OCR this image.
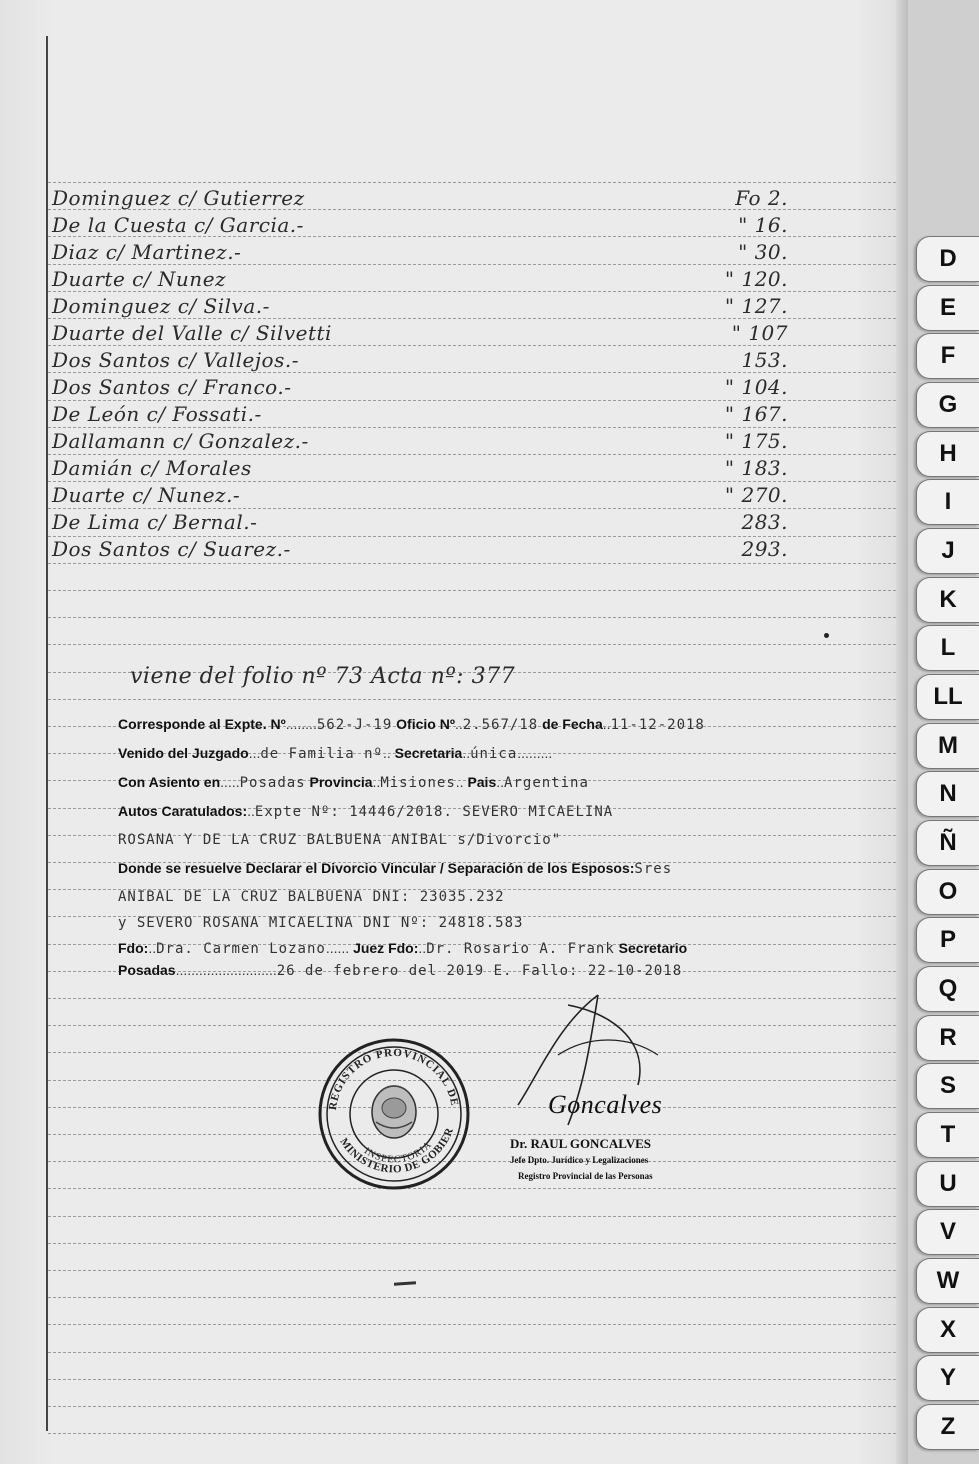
Dominguez c/ Gutierrez	Fo 2.
De la Cuesta c/ Garcia.-	" 16.
Diaz c/ Martinez.-	" 30.
Duarte c/ Nunez	" 120.
Dominguez c/ Silva.-	" 127.
Duarte del Valle c/ Silvetti	" 107
Dos Santos c/ Vallejos.-	153.
Dos Santos c/ Franco.-	" 104.
De León c/ Fossati.-	" 167.
Dallamann c/ Gonzalez.-	" 175.
Damián c/ Morales	" 183.
Duarte c/ Nunez.-	" 270.
De Lima c/ Bernal.-	283.
Dos Santos c/ Suarez.-	293.
viene del folio nº 73 Acta nº: 377
Corresponde al Expte. Nº........562-J-19 Oficio Nº..2.567/18 de Fecha..11-12-2018
Venido del Juzgado...de Familia nº.. Secretaria..única.........
Con Asiento en.....Posadas Provincia..Misiones.. Pais..Argentina
Autos Caratulados:..Expte Nº: 14446/2018. SEVERO MICAELINA
ROSANA Y DE LA CRUZ BALBUENA ANIBAL s/Divorcio"
Donde se resuelve Declarar el Divorcio Vincular / Separación de los Esposos:Sres
ANIBAL DE LA CRUZ BALBUENA DNI: 23035.232
y SEVERO ROSANA MICAELINA DNI Nº: 24818.583
Fdo:..Dra. Carmen Lozano...... Juez Fdo:..Dr. Rosario A. Frank Secretario
Posadas..........................26 de febrero del 2019 E. Fallo: 22-10-2018
REGISTRO PROVINCIAL DE
INSPECTORIA
MINISTERIO DE GOBIER
Goncalves
Dr. RAUL GONCALVES
Jefe Dpto. Jurídico y Legalizaciones
Registro Provincial de las Personas
D
E
F
G
H
I
J
K
L
LL
M
N
Ñ
O
P
Q
R
S
T
U
V
W
X
Y
Z
